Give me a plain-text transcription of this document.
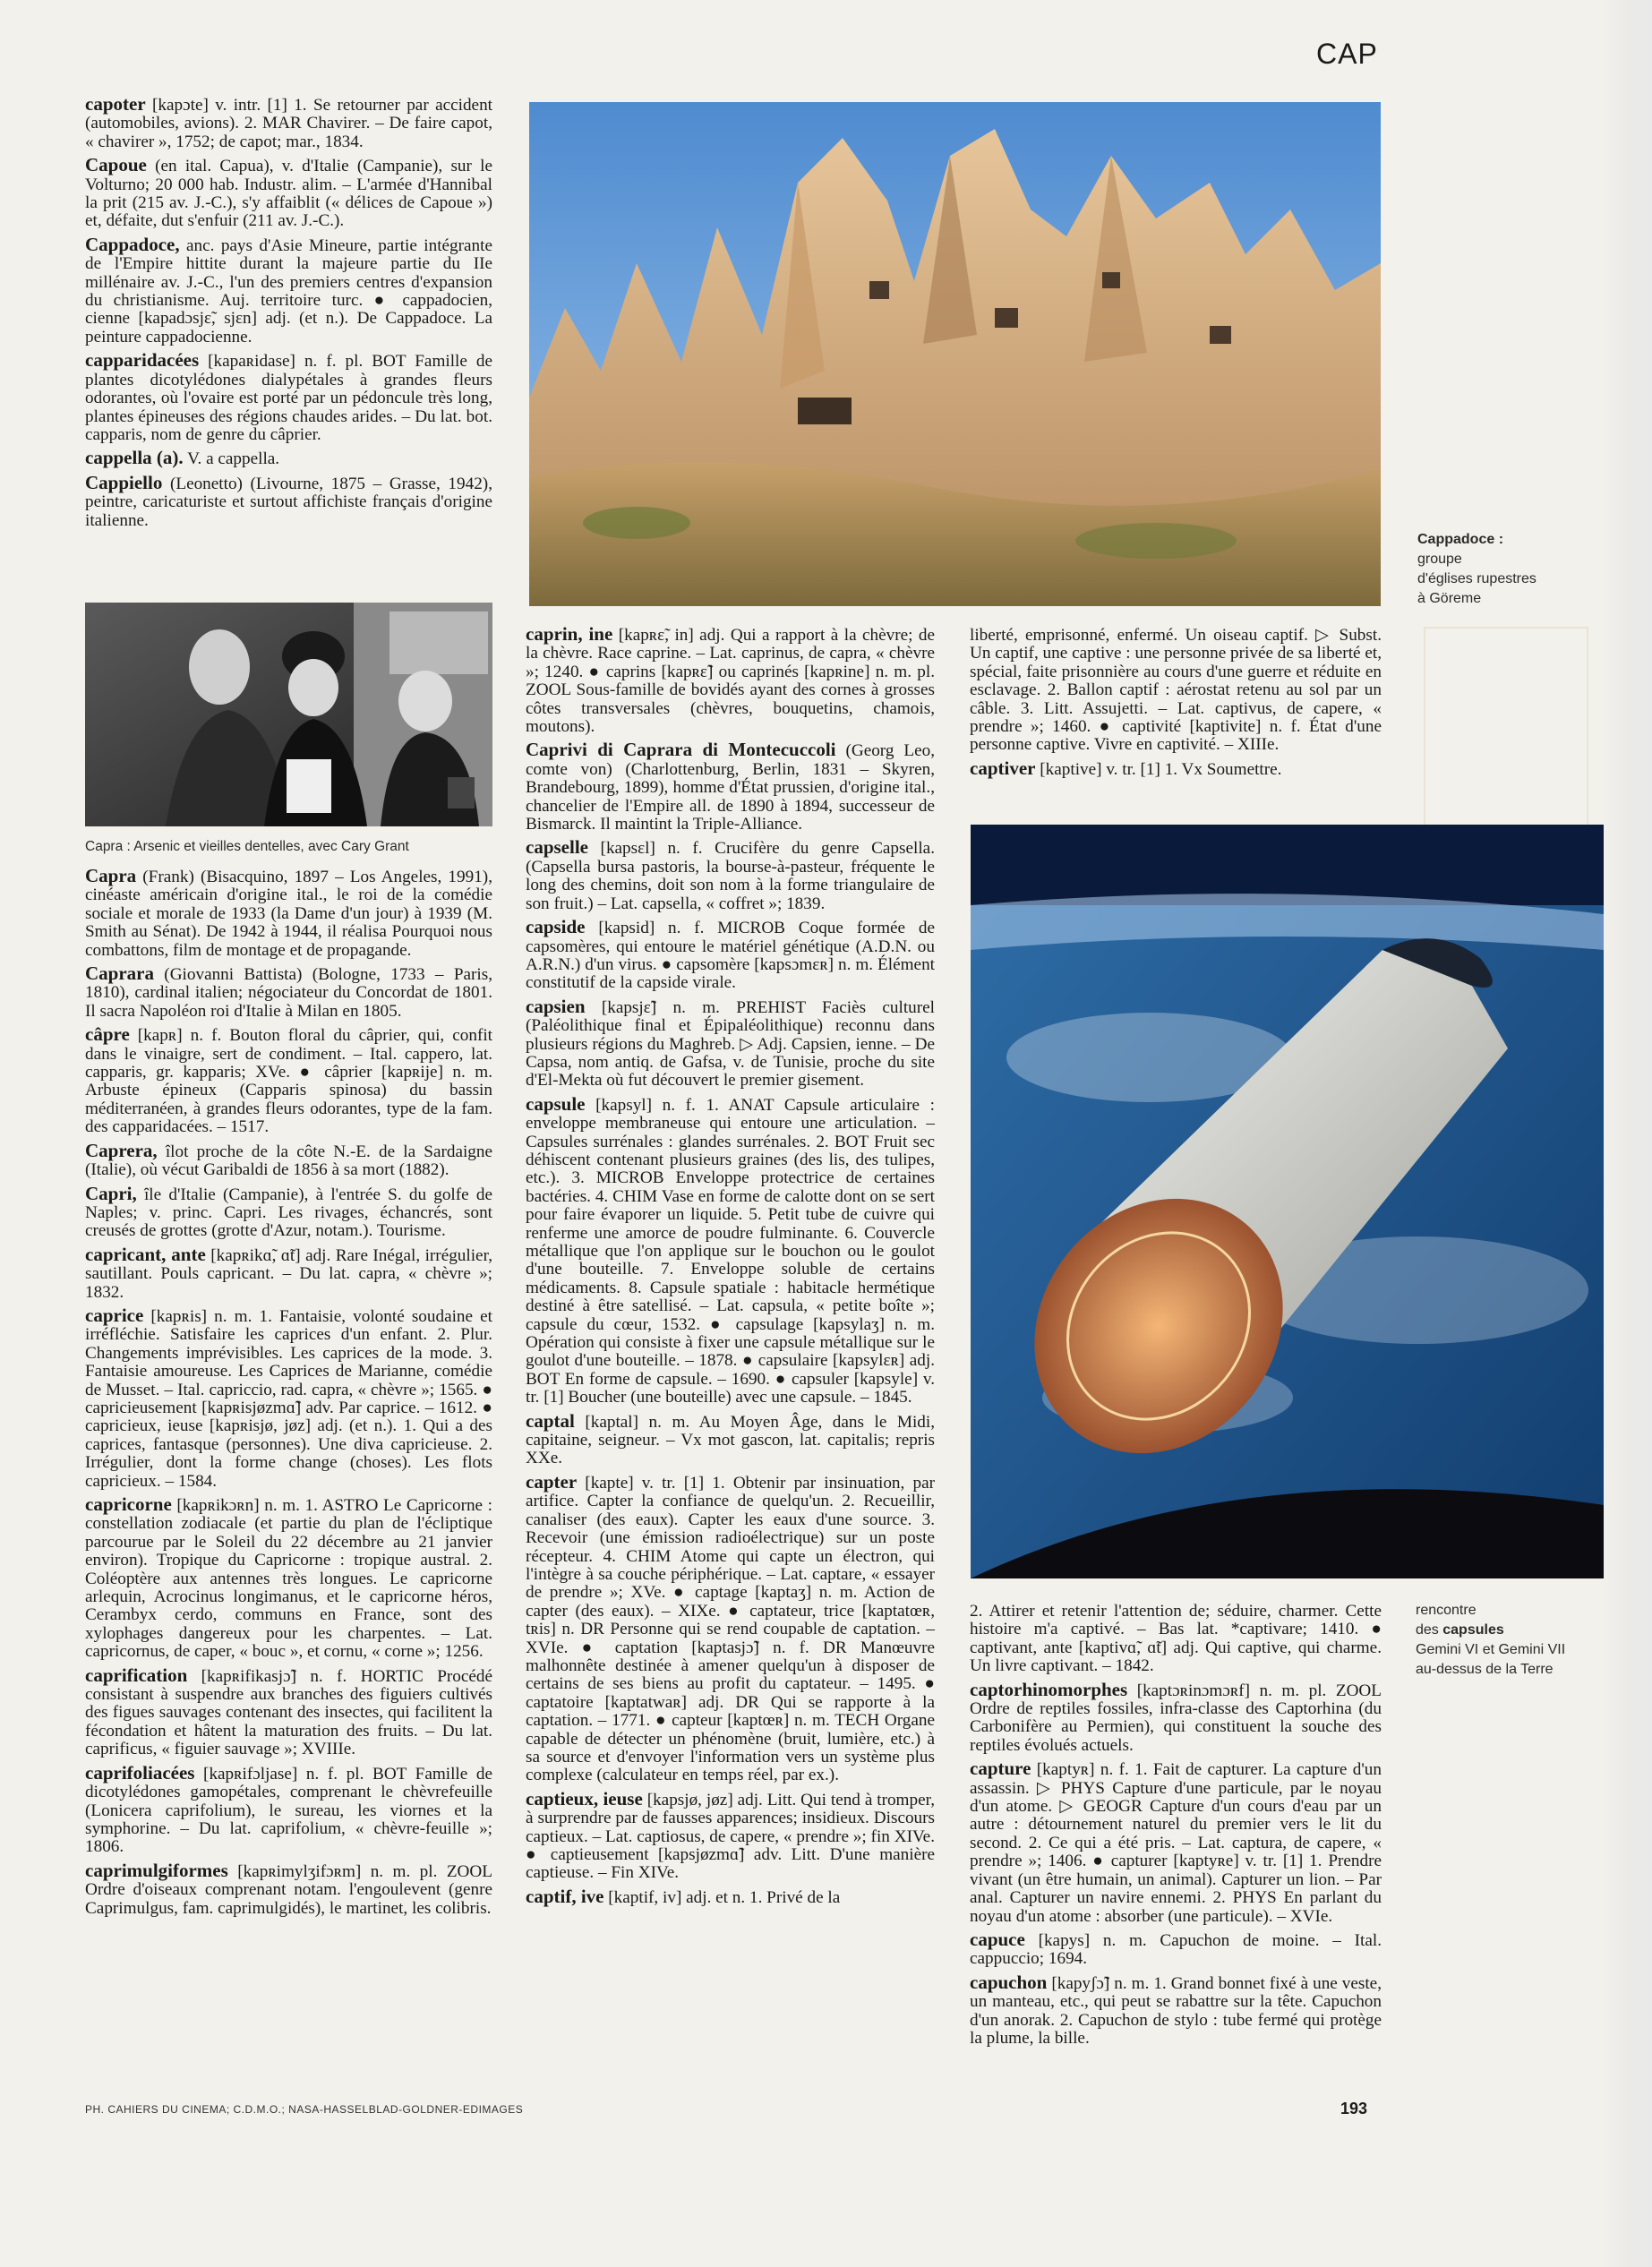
CAP

capoter [kapɔte] v. intr. [1] 1. Se retourner par accident (automobiles, avions). 2. MAR Chavirer. – De faire capot, « chavirer », 1752; de capot; mar., 1834.

Capoue (en ital. Capua), v. d'Italie (Campanie), sur le Volturno; 20 000 hab. Industr. alim. – L'armée d'Hannibal la prit (215 av. J.-C.), s'y affaiblit (« délices de Capoue ») et, défaite, dut s'enfuir (211 av. J.-C.).

Cappadoce, anc. pays d'Asie Mineure, partie intégrante de l'Empire hittite durant la majeure partie du IIe millénaire av. J.-C., l'un des premiers centres d'expansion du christianisme. Auj. territoire turc. ● cappadocien, cienne [kapadɔsjɛ̃, sjɛn] adj. (et n.). De Cappadoce. La peinture cappadocienne.

capparidacées [kapaʀidase] n. f. pl. BOT Famille de plantes dicotylédones dialypétales à grandes fleurs odorantes, où l'ovaire est porté par un pédoncule très long, plantes épineuses des régions chaudes arides. – Du lat. bot. capparis, nom de genre du câprier.

cappella (a). V. a cappella.

Cappiello (Leonetto) (Livourne, 1875 – Grasse, 1942), peintre, caricaturiste et surtout affichiste français d'origine italienne.

Capra : Arsenic et vieilles dentelles, avec Cary Grant

Capra (Frank) (Bisacquino, 1897 – Los Angeles, 1991), cinéaste américain d'origine ital., le roi de la comédie sociale et morale de 1933 (la Dame d'un jour) à 1939 (M. Smith au Sénat). De 1942 à 1944, il réalisa Pourquoi nous combattons, film de montage et de propagande.

Caprara (Giovanni Battista) (Bologne, 1733 – Paris, 1810), cardinal italien; négociateur du Concordat de 1801. Il sacra Napoléon roi d'Italie à Milan en 1805.

câpre [kapʀ] n. f. Bouton floral du câprier, qui, confit dans le vinaigre, sert de condiment. – Ital. cappero, lat. capparis, gr. kapparis; XVe. ● câprier [kapʀije] n. m. Arbuste épineux (Capparis spinosa) du bassin méditerranéen, à grandes fleurs odorantes, type de la fam. des capparidacées. – 1517.

Caprera, îlot proche de la côte N.-E. de la Sardaigne (Italie), où vécut Garibaldi de 1856 à sa mort (1882).

Capri, île d'Italie (Campanie), à l'entrée S. du golfe de Naples; v. princ. Capri. Les rivages, échancrés, sont creusés de grottes (grotte d'Azur, notam.). Tourisme.

capricant, ante [kapʀikɑ̃, ɑ̃t] adj. Rare Inégal, irrégulier, sautillant. Pouls capricant. – Du lat. capra, « chèvre »; 1832.

caprice [kapʀis] n. m. 1. Fantaisie, volonté soudaine et irréfléchie. Satisfaire les caprices d'un enfant. 2. Plur. Changements imprévisibles. Les caprices de la mode. 3. Fantaisie amoureuse. Les Caprices de Marianne, comédie de Musset. – Ital. capriccio, rad. capra, « chèvre »; 1565. ● capricieusement [kapʀisjøzmɑ̃] adv. Par caprice. – 1612. ● capricieux, ieuse [kapʀisjø, jøz] adj. (et n.). 1. Qui a des caprices, fantasque (personnes). Une diva capricieuse. 2. Irrégulier, dont la forme change (choses). Les flots capricieux. – 1584.

capricorne [kapʀikɔʀn] n. m. 1. ASTRO Le Capricorne : constellation zodiacale (et partie du plan de l'écliptique parcourue par le Soleil du 22 décembre au 21 janvier environ). Tropique du Capricorne : tropique austral. 2. Coléoptère aux antennes très longues. Le capricorne arlequin, Acrocinus longimanus, et le capricorne héros, Cerambyx cerdo, communs en France, sont des xylophages dangereux pour les charpentes. – Lat. capricornus, de caper, « bouc », et cornu, « corne »; 1256.

caprification [kapʀifikasjɔ̃] n. f. HORTIC Procédé consistant à suspendre aux branches des figuiers cultivés des figues sauvages contenant des insectes, qui facilitent la fécondation et hâtent la maturation des fruits. – Du lat. caprificus, « figuier sauvage »; XVIIIe.

caprifoliacées [kapʀifɔljase] n. f. pl. BOT Famille de dicotylédones gamopétales, comprenant le chèvrefeuille (Lonicera caprifolium), le sureau, les viornes et la symphorine. – Du lat. caprifolium, « chèvre-feuille »; 1806.

caprimulgiformes [kapʀimylʒifɔʀm] n. m. pl. ZOOL Ordre d'oiseaux comprenant notam. l'engoulevent (genre Caprimulgus, fam. caprimulgidés), le martinet, les colibris.

Cappadoce :
groupe
d'églises rupestres
à Göreme

caprin, ine [kapʀɛ̃, in] adj. Qui a rapport à la chèvre; de la chèvre. Race caprine. – Lat. caprinus, de capra, « chèvre »; 1240. ● caprins [kapʀɛ̃] ou caprinés [kapʀine] n. m. pl. ZOOL Sous-famille de bovidés ayant des cornes à grosses côtes transversales (chèvres, bouquetins, chamois, moutons).

Caprivi di Caprara di Montecuccoli (Georg Leo, comte von) (Charlottenburg, Berlin, 1831 – Skyren, Brandebourg, 1899), homme d'État prussien, d'origine ital., chancelier de l'Empire all. de 1890 à 1894, successeur de Bismarck. Il maintint la Triple-Alliance.

capselle [kapsɛl] n. f. Crucifère du genre Capsella. (Capsella bursa pastoris, la bourse-à-pasteur, fréquente le long des chemins, doit son nom à la forme triangulaire de son fruit.) – Lat. capsella, « coffret »; 1839.

capside [kapsid] n. f. MICROB Coque formée de capsomères, qui entoure le matériel génétique (A.D.N. ou A.R.N.) d'un virus. ● capsomère [kapsɔmɛʀ] n. m. Élément constitutif de la capside virale.

capsien [kapsjɛ̃] n. m. PREHIST Faciès culturel (Paléolithique final et Épipaléolithique) reconnu dans plusieurs régions du Maghreb. ▷ Adj. Capsien, ienne. – De Capsa, nom antiq. de Gafsa, v. de Tunisie, proche du site d'El-Mekta où fut découvert le premier gisement.

capsule [kapsyl] n. f. 1. ANAT Capsule articulaire : enveloppe membraneuse qui entoure une articulation. – Capsules surrénales : glandes surrénales. 2. BOT Fruit sec déhiscent contenant plusieurs graines (des lis, des tulipes, etc.). 3. MICROB Enveloppe protectrice de certaines bactéries. 4. CHIM Vase en forme de calotte dont on se sert pour faire évaporer un liquide. 5. Petit tube de cuivre qui renferme une amorce de poudre fulminante. 6. Couvercle métallique que l'on applique sur le bouchon ou le goulot d'une bouteille. 7. Enveloppe soluble de certains médicaments. 8. Capsule spatiale : habitacle hermétique destiné à être satellisé. – Lat. capsula, « petite boîte »; capsule du cœur, 1532. ● capsulage [kapsylaʒ] n. m. Opération qui consiste à fixer une capsule métallique sur le goulot d'une bouteille. – 1878. ● capsulaire [kapsylɛʀ] adj. BOT En forme de capsule. – 1690. ● capsuler [kapsyle] v. tr. [1] Boucher (une bouteille) avec une capsule. – 1845.

captal [kaptal] n. m. Au Moyen Âge, dans le Midi, capitaine, seigneur. – Vx mot gascon, lat. capitalis; repris XXe.

capter [kapte] v. tr. [1] 1. Obtenir par insinuation, par artifice. Capter la confiance de quelqu'un. 2. Recueillir, canaliser (des eaux). Capter les eaux d'une source. 3. Recevoir (une émission radioélectrique) sur un poste récepteur. 4. CHIM Atome qui capte un électron, qui l'intègre à sa couche périphérique. – Lat. captare, « essayer de prendre »; XVe. ● captage [kaptaʒ] n. m. Action de capter (des eaux). – XIXe. ● captateur, trice [kaptatœʀ, tʀis] n. DR Personne qui se rend coupable de captation. – XVIe. ● captation [kaptasjɔ̃] n. f. DR Manœuvre malhonnête destinée à amener quelqu'un à disposer de certains de ses biens au profit du captateur. – 1495. ● captatoire [kaptatwaʀ] adj. DR Qui se rapporte à la captation. – 1771. ● capteur [kaptœʀ] n. m. TECH Organe capable de détecter un phénomène (bruit, lumière, etc.) à sa source et d'envoyer l'information vers un système plus complexe (calculateur en temps réel, par ex.).

captieux, ieuse [kapsjø, jøz] adj. Litt. Qui tend à tromper, à surprendre par de fausses apparences; insidieux. Discours captieux. – Lat. captiosus, de capere, « prendre »; fin XIVe. ● captieusement [kapsjøzmɑ̃] adv. Litt. D'une manière captieuse. – Fin XIVe.

captif, ive [kaptif, iv] adj. et n. 1. Privé de la

liberté, emprisonné, enfermé. Un oiseau captif. ▷ Subst. Un captif, une captive : une personne privée de sa liberté et, spécial, faite prisonnière au cours d'une guerre et réduite en esclavage. 2. Ballon captif : aérostat retenu au sol par un câble. 3. Litt. Assujetti. – Lat. captivus, de capere, « prendre »; 1460. ● captivité [kaptivite] n. f. État d'une personne captive. Vivre en captivité. – XIIIe.

captiver [kaptive] v. tr. [1] 1. Vx Soumettre.

rencontre
des capsules
Gemini VI et Gemini VII
au-dessus de la Terre

2. Attirer et retenir l'attention de; séduire, charmer. Cette histoire m'a captivé. – Bas lat. *captivare; 1410. ● captivant, ante [kaptivɑ̃, ɑ̃t] adj. Qui captive, qui charme. Un livre captivant. – 1842.

captorhinomorphes [kaptɔʀinɔmɔʀf] n. m. pl. ZOOL Ordre de reptiles fossiles, infra-classe des Captorhina (du Carbonifère au Permien), qui constituent la souche des reptiles évolués actuels.

capture [kaptyʀ] n. f. 1. Fait de capturer. La capture d'un assassin. ▷ PHYS Capture d'une particule, par le noyau d'un atome. ▷ GEOGR Capture d'un cours d'eau par un autre : détournement naturel du premier vers le lit du second. 2. Ce qui a été pris. – Lat. captura, de capere, « prendre »; 1406. ● capturer [kaptyʀe] v. tr. [1] 1. Prendre vivant (un être humain, un animal). Capturer un lion. – Par anal. Capturer un navire ennemi. 2. PHYS En parlant du noyau d'un atome : absorber (une particule). – XVIe.

capuce [kapys] n. m. Capuchon de moine. – Ital. cappuccio; 1694.

capuchon [kapyʃɔ̃] n. m. 1. Grand bonnet fixé à une veste, un manteau, etc., qui peut se rabattre sur la tête. Capuchon d'un anorak. 2. Capuchon de stylo : tube fermé qui protège la plume, la bille.

PH. CAHIERS DU CINEMA; C.D.M.O.; NASA-HASSELBLAD-GOLDNER-EDIMAGES	193
